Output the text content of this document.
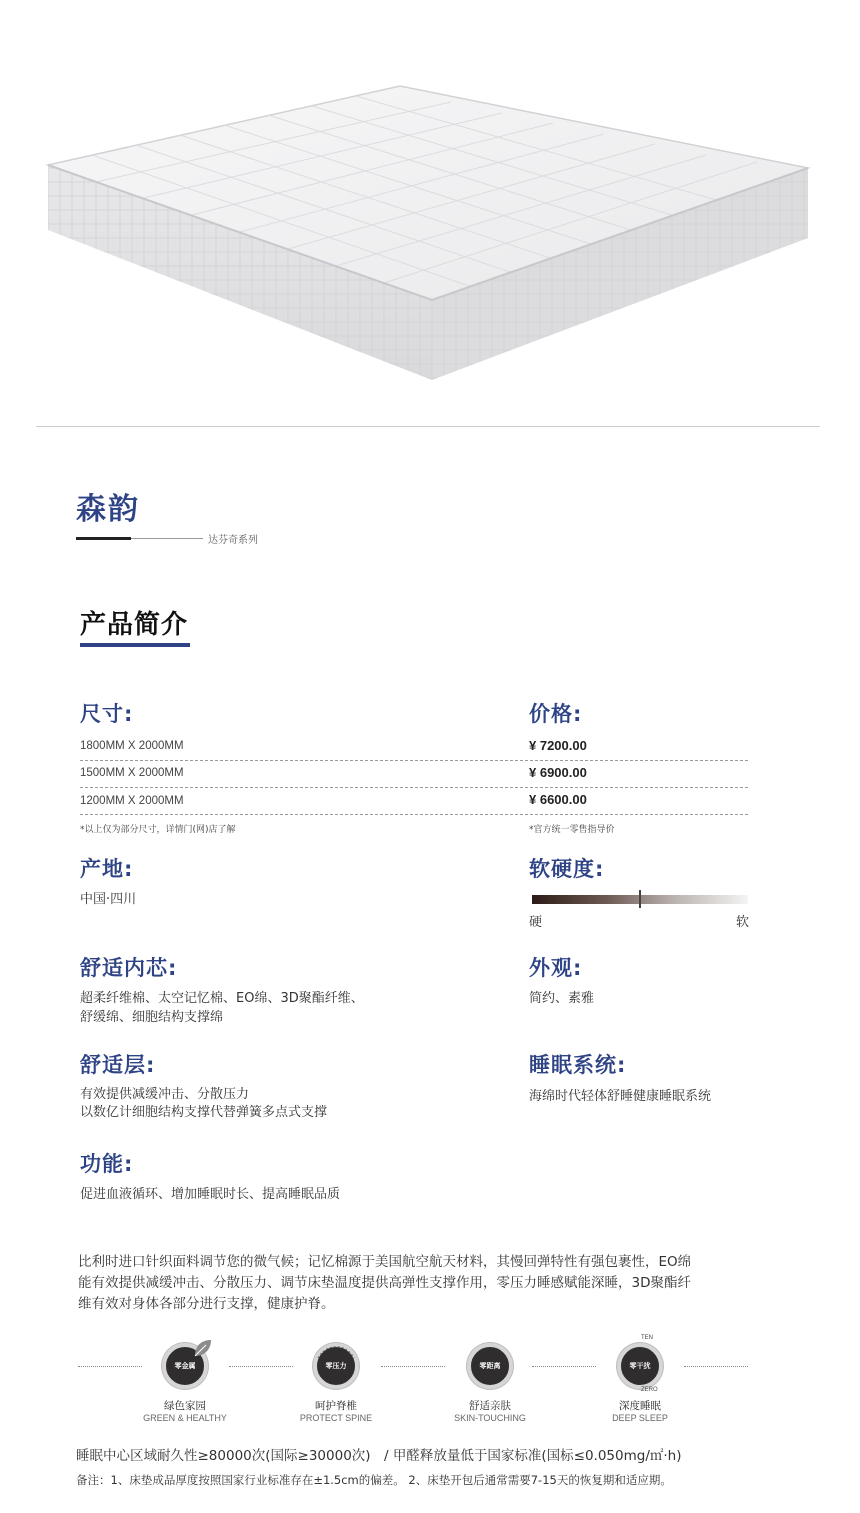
森韵
达芬奇系列
产品简介
尺寸:
1800MM X 2000MM
1500MM X 2000MM
1200MM X 2000MM
*以上仅为部分尺寸，详情门(网)店了解
价格:
¥ 7200.00
¥ 6900.00
¥ 6600.00
*官方统一零售指导价
产地:
中国·四川
软硬度:
硬	软
舒适内芯:
超柔纤维棉、太空记忆棉、EO绵、3D聚酯纤维、
舒缓绵、细胞结构支撑绵
外观:
简约、素雅
舒适层:
有效提供减缓冲击、分散压力
以数亿计细胞结构支撑代替弹簧多点式支撑
睡眠系统:
海绵时代轻体舒睡健康睡眠系统
功能:
促进血液循环、增加睡眠时长、提高睡眠品质
比利时进口针织面料调节您的微气候；记忆棉源于美国航空航天材料，其慢回弹特性有强包裹性，EO绵
能有效提供减缓冲击、分散压力、调节床垫温度提供高弹性支撑作用，零压力睡感赋能深睡，3D聚酯纤
维有效对身体各部分进行支撑，健康护脊。
零金属
绿色家园
GREEN & HEALTHY
零压力
呵护脊椎
PROTECT SPINE
零距离
舒适亲肤
SKIN-TOUCHING
零干扰
TEN
ZERO
深度睡眠
DEEP SLEEP
睡眠中心区域耐久性≥80000次(国际≥30000次)　/ 甲醛释放量低于国家标准(国标≤0.050mg/㎡·h)
备注：1、床垫成品厚度按照国家行业标准存在±1.5cm的偏差。 2、床垫开包后通常需要7-15天的恢复期和适应期。
